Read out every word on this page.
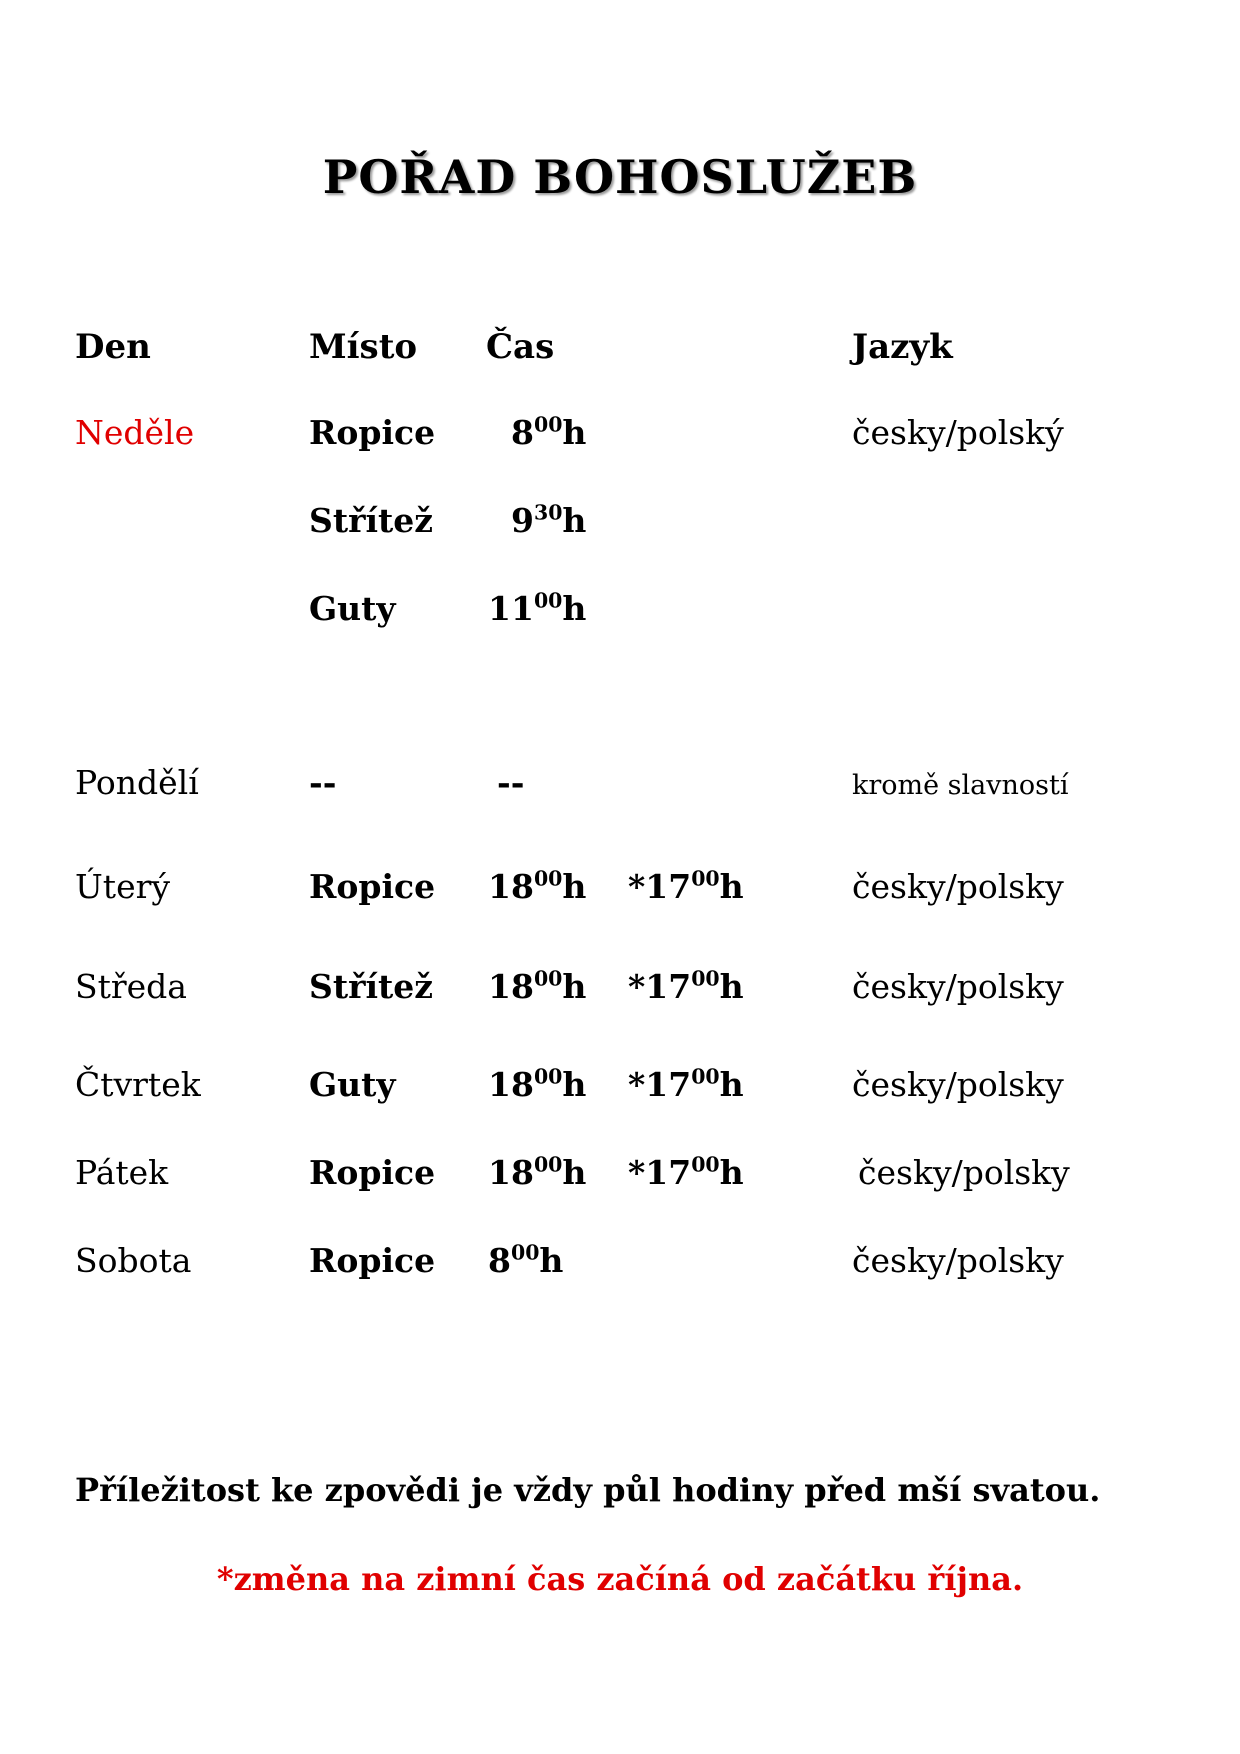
POŘAD BOHOSLUŽEB
Den	Místo Čas	Jazyk
Neděle	Ropice $8^{00}h$	česky/polský
Střítež $9^{30}h$
Guty	$11^{00}h$
Pondělí	--	--	kromě slavností
Úterý	Ropice $18^{00}h$ $*17^{00}h$	česky/polsky
Středa	Střítež $18^{00}h$ $*17^{00}h$	česky/polsky
Čtvrtek	Guty	$18^{00}h$ $*17^{00}h$	česky/polsky
Pátek	Ropice $18^{00}h$ $*17^{00}h$	česky/polsky
Sobota	Ropice $8^{00}h$	česky/polsky
Příležitost ke zpovědi je vždy půl hodiny před mší svatou.
*změna na zimní čas začíná od začátku října.
